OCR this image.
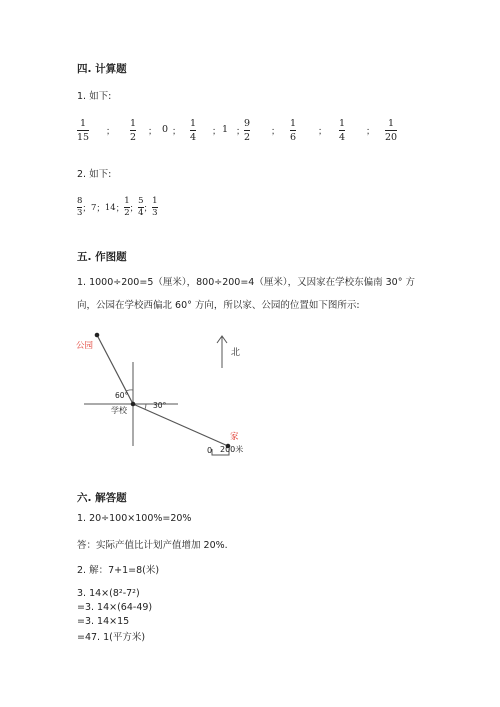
四. 计算题
1. 如下:
1
15
1
2
0
1
4
1
9
2
1
6
1
4
1
20
；	； ；	； ；	；	；	；
2. 如下:
$\frac{8}{3}$ ； 7 ； 14 ； $\frac{1}{2}$ ； $\frac{5}{4}$ ； $\frac{1}{3}$
五. 作图题
1. 1000÷200=5（厘米），800÷200=4（厘米），又因家在学校东偏南 30° 方
向，公园在学校西偏北 60° 方向，所以家、公园的位置如下图所示:
公园
学校
家
北
60°
30°
0 200米
六. 解答题
1. 20÷100×100%=20%
答：实际产值比计划产值增加 20%.
2. 解：7+1=8(米)
3. 14×(8²-7²)
=3. 14×(64-49)
=3. 14×15
=47. 1(平方米)
